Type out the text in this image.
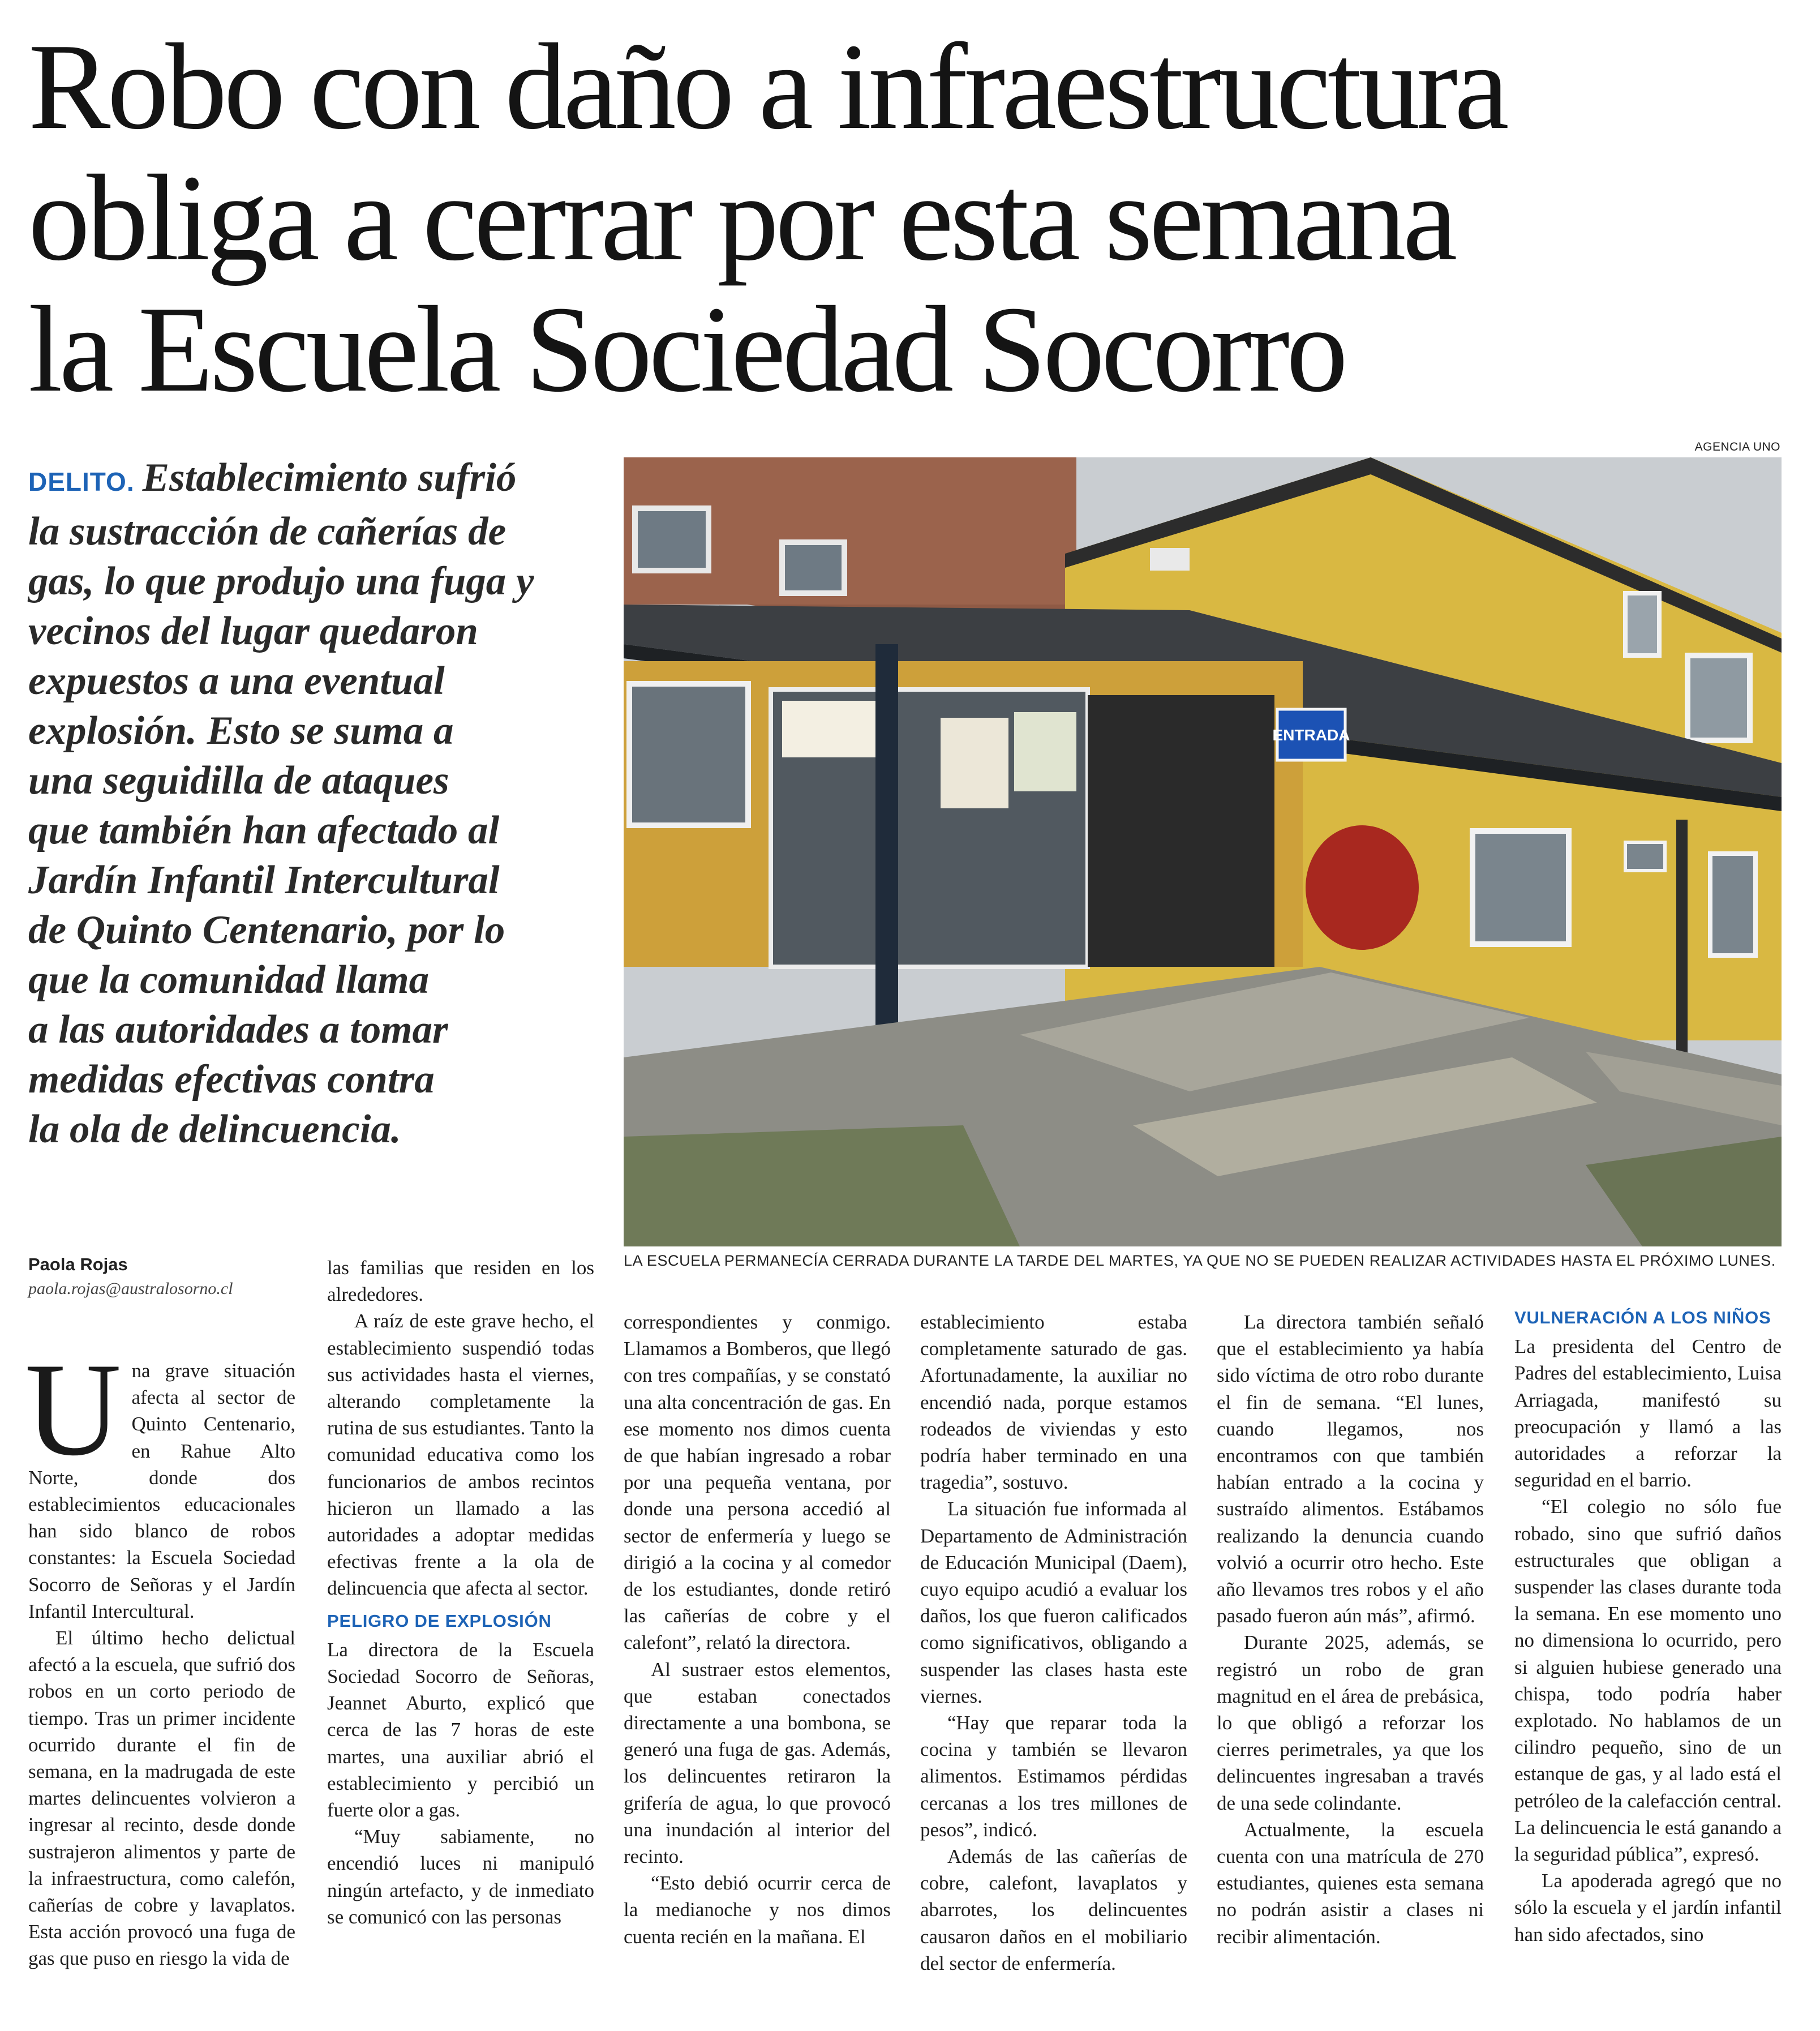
Robo con daño a infraestructura
obliga a cerrar por esta semana
la Escuela Sociedad Socorro
DELITO. Establecimiento sufrió
la sustracción de cañerías de
gas, lo que produjo una fuga y
vecinos del lugar quedaron
expuestos a una eventual
explosión. Esto se suma a
una seguidilla de ataques
que también han afectado al
Jardín Infantil Intercultural
de Quinto Centenario, por lo
que la comunidad llama
a las autoridades a tomar
medidas efectivas contra
la ola de delincuencia.
AGENCIA UNO
ENTRADA
LA ESCUELA PERMANECÍA CERRADA DURANTE LA TARDE DEL MARTES, YA QUE NO SE PUEDEN REALIZAR ACTIVIDADES HASTA EL PRÓXIMO LUNES.
Paola Rojas
paola.rojas@australosorno.cl

Una grave situación afecta al sector de Quinto Centenario, en Rahue Alto Norte, donde dos establecimientos educacionales han sido blanco de robos constantes: la Escuela Sociedad Socorro de Señoras y el Jardín Infantil Intercultural.

El último hecho delictual afectó a la escuela, que sufrió dos robos en un corto periodo de tiempo. Tras un primer incidente ocurrido durante el fin de semana, en la madrugada de este martes delincuentes volvieron a ingresar al recinto, desde donde sustrajeron alimentos y parte de la infraestructura, como calefón, cañerías de cobre y lavaplatos. Esta acción provocó una fuga de gas que puso en riesgo la vida de

las familias que residen en los alrededores.

A raíz de este grave hecho, el establecimiento suspendió todas sus actividades hasta el viernes, alterando completamente la rutina de sus estudiantes. Tanto la comunidad educativa como los funcionarios de ambos recintos hicieron un llamado a las autoridades a adoptar medidas efectivas frente a la ola de delincuencia que afecta al sector.

PELIGRO DE EXPLOSIÓN

La directora de la Escuela Sociedad Socorro de Señoras, Jeannet Aburto, explicó que cerca de las 7 horas de este martes, una auxiliar abrió el establecimiento y percibió un fuerte olor a gas.

“Muy sabiamente, no encendió luces ni manipuló ningún artefacto, y de inmediato se comunicó con las personas

correspondientes y conmigo. Llamamos a Bomberos, que llegó con tres compañías, y se constató una alta concentración de gas. En ese momento nos dimos cuenta de que habían ingresado a robar por una pequeña ventana, por donde una persona accedió al sector de enfermería y luego se dirigió a la cocina y al comedor de los estudiantes, donde retiró las cañerías de cobre y el calefont”, relató la directora.

Al sustraer estos elementos, que estaban conectados directamente a una bombona, se generó una fuga de gas. Además, los delincuentes retiraron la grifería de agua, lo que provocó una inundación al interior del recinto.

“Esto debió ocurrir cerca de la medianoche y nos dimos cuenta recién en la mañana. El

establecimiento estaba completamente saturado de gas. Afortunadamente, la auxiliar no encendió nada, porque estamos rodeados de viviendas y esto podría haber terminado en una tragedia”, sostuvo.

La situación fue informada al Departamento de Administración de Educación Municipal (Daem), cuyo equipo acudió a evaluar los daños, los que fueron calificados como significativos, obligando a suspender las clases hasta este viernes.

“Hay que reparar toda la cocina y también se llevaron alimentos. Estimamos pérdidas cercanas a los tres millones de pesos”, indicó.

Además de las cañerías de cobre, calefont, lavaplatos y abarrotes, los delincuentes causaron daños en el mobiliario del sector de enfermería.

La directora también señaló que el establecimiento ya había sido víctima de otro robo durante el fin de semana. “El lunes, cuando llegamos, nos encontramos con que también habían entrado a la cocina y sustraído alimentos. Estábamos realizando la denuncia cuando volvió a ocurrir otro hecho. Este año llevamos tres robos y el año pasado fueron aún más”, afirmó.

Durante 2025, además, se registró un robo de gran magnitud en el área de prebásica, lo que obligó a reforzar los cierres perimetrales, ya que los delincuentes ingresaban a través de una sede colindante.

Actualmente, la escuela cuenta con una matrícula de 270 estudiantes, quienes esta semana no podrán asistir a clases ni recibir alimentación.

VULNERACIÓN A LOS NIÑOS

La presidenta del Centro de Padres del establecimiento, Luisa Arriagada, manifestó su preocupación y llamó a las autoridades a reforzar la seguridad en el barrio.

“El colegio no sólo fue robado, sino que sufrió daños estructurales que obligan a suspender las clases durante toda la semana. En ese momento uno no dimensiona lo ocurrido, pero si alguien hubiese generado una chispa, todo podría haber explotado. No hablamos de un cilindro pequeño, sino de un estanque de gas, y al lado está el petróleo de la calefacción central. La delincuencia le está ganando a la seguridad pública”, expresó.

La apoderada agregó que no sólo la escuela y el jardín infantil han sido afectados, sino
